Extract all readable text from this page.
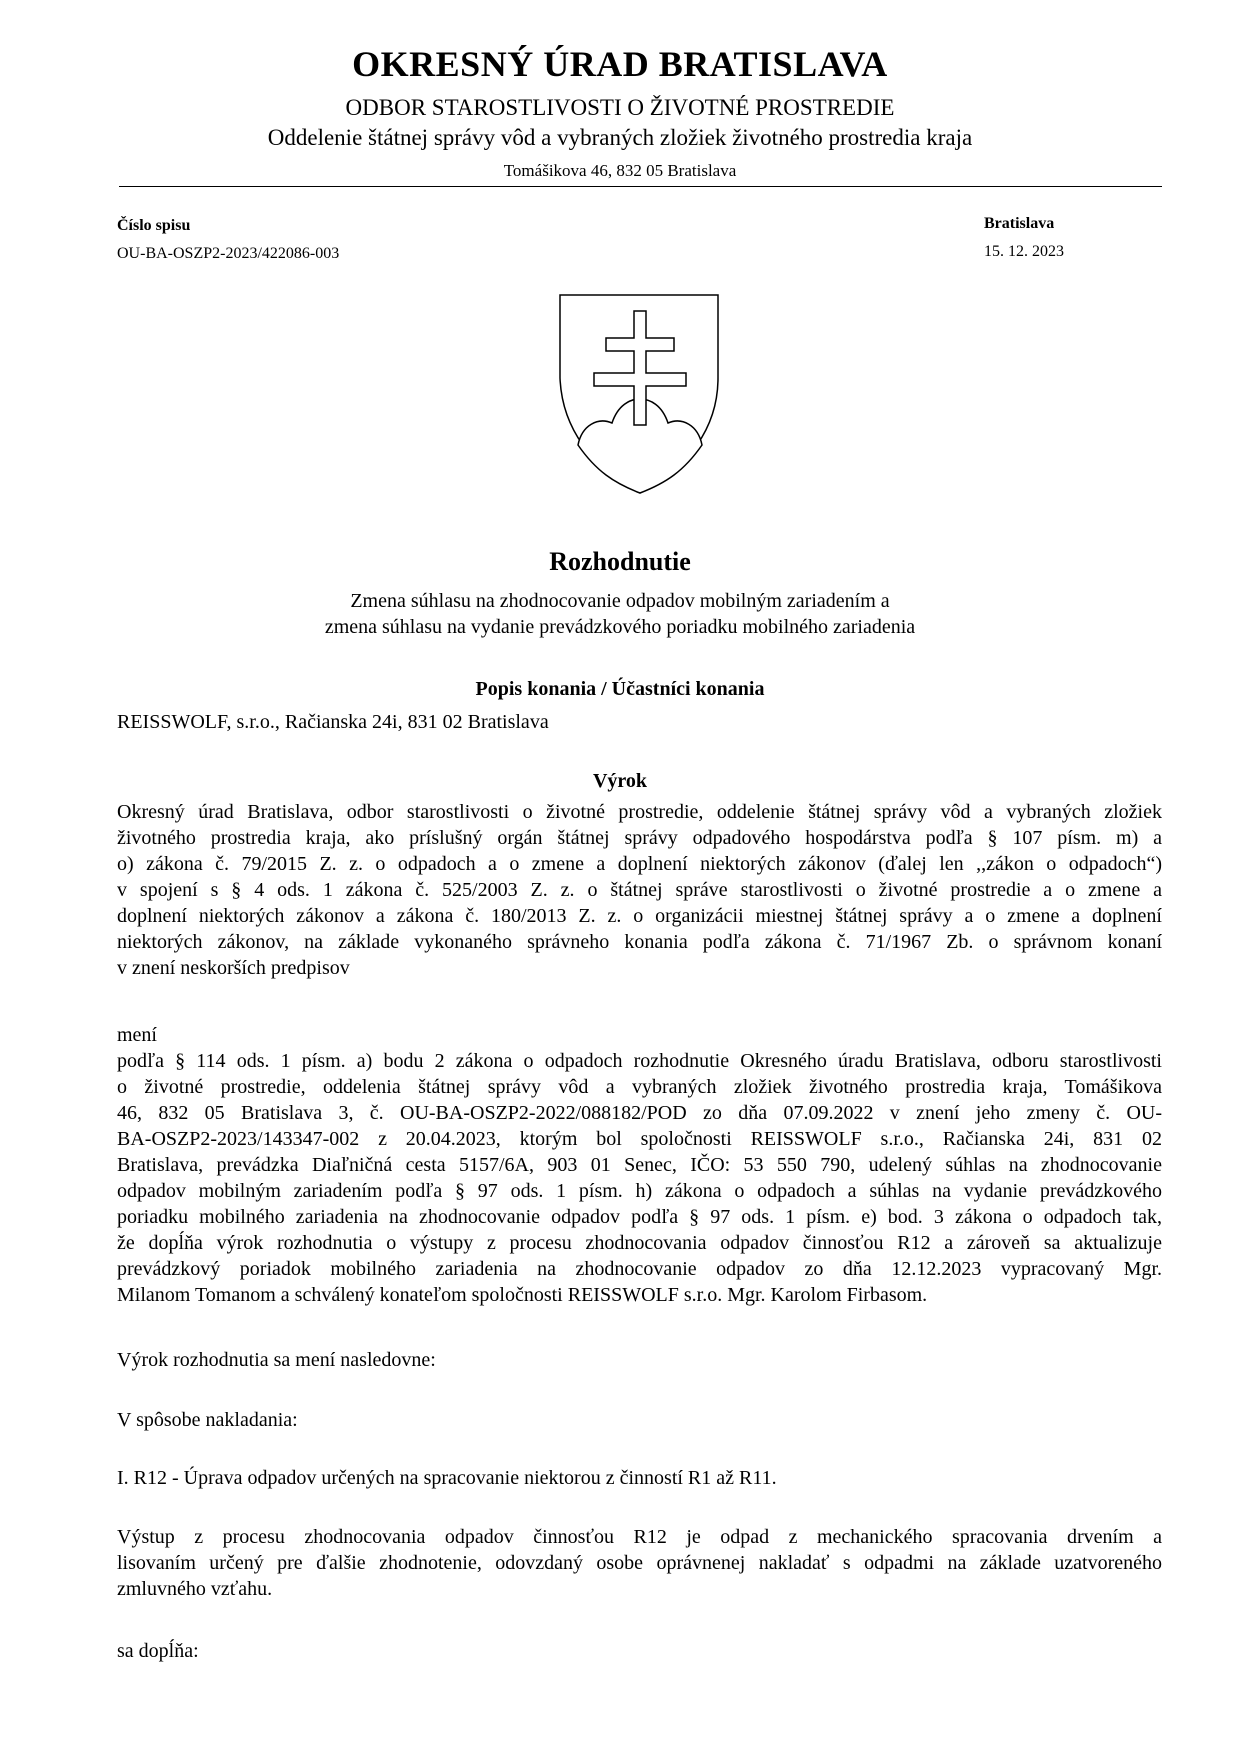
OKRESNÝ ÚRAD BRATISLAVA
ODBOR STAROSTLIVOSTI O ŽIVOTNÉ PROSTREDIE
Oddelenie štátnej správy vôd a vybraných zložiek životného prostredia kraja
Tomášikova 46, 832 05 Bratislava
Číslo spisu
OU-BA-OSZP2-2023/422086-003
Bratislava
15. 12. 2023
Rozhodnutie
Zmena súhlasu na zhodnocovanie odpadov mobilným zariadením a
zmena súhlasu na vydanie prevádzkového poriadku mobilného zariadenia
Popis konania / Účastníci konania
REISSWOLF, s.r.o., Račianska 24i, 831 02 Bratislava
Výrok
Okresný úrad Bratislava, odbor starostlivosti o životné prostredie, oddelenie štátnej správy vôd a vybraných zložiek
životného prostredia kraja, ako príslušný orgán štátnej správy odpadového hospodárstva podľa § 107 písm. m) a
o) zákona č. 79/2015 Z. z. o odpadoch a o zmene a doplnení niektorých zákonov (ďalej len ,,zákon o odpadoch“)
v spojení s § 4 ods. 1 zákona č. 525/2003 Z. z. o štátnej správe starostlivosti o životné prostredie a o zmene a
doplnení niektorých zákonov a zákona č. 180/2013 Z. z. o organizácii miestnej štátnej správy a o zmene a doplnení
niektorých zákonov, na základe vykonaného správneho konania podľa zákona č. 71/1967 Zb. o správnom konaní
v znení neskorších predpisov
mení
podľa § 114 ods. 1 písm. a) bodu 2 zákona o odpadoch rozhodnutie Okresného úradu Bratislava, odboru starostlivosti
o životné prostredie, oddelenia štátnej správy vôd a vybraných zložiek životného prostredia kraja, Tomášikova
46, 832 05 Bratislava 3, č. OU-BA-OSZP2-2022/088182/POD zo dňa 07.09.2022 v znení jeho zmeny č. OU-
BA-OSZP2-2023/143347-002 z 20.04.2023, ktorým bol spoločnosti REISSWOLF s.r.o., Račianska 24i, 831 02
Bratislava, prevádzka Diaľničná cesta 5157/6A, 903 01 Senec, IČO: 53 550 790, udelený súhlas na zhodnocovanie
odpadov mobilným zariadením podľa § 97 ods. 1 písm. h) zákona o odpadoch a súhlas na vydanie prevádzkového
poriadku mobilného zariadenia na zhodnocovanie odpadov podľa § 97 ods. 1 písm. e) bod. 3 zákona o odpadoch tak,
že dopĺňa výrok rozhodnutia o výstupy z procesu zhodnocovania odpadov činnosťou R12 a zároveň sa aktualizuje
prevádzkový poriadok mobilného zariadenia na zhodnocovanie odpadov zo dňa 12.12.2023 vypracovaný Mgr.
Milanom Tomanom a schválený konateľom spoločnosti REISSWOLF s.r.o. Mgr. Karolom Firbasom.
Výrok rozhodnutia sa mení nasledovne:
V spôsobe nakladania:
I. R12 - Úprava odpadov určených na spracovanie niektorou z činností R1 až R11.
Výstup z procesu zhodnocovania odpadov činnosťou R12 je odpad z mechanického spracovania drvením a
lisovaním určený pre ďalšie zhodnotenie, odovzdaný osobe oprávnenej nakladať s odpadmi na základe uzatvoreného
zmluvného vzťahu.
sa dopĺňa:
